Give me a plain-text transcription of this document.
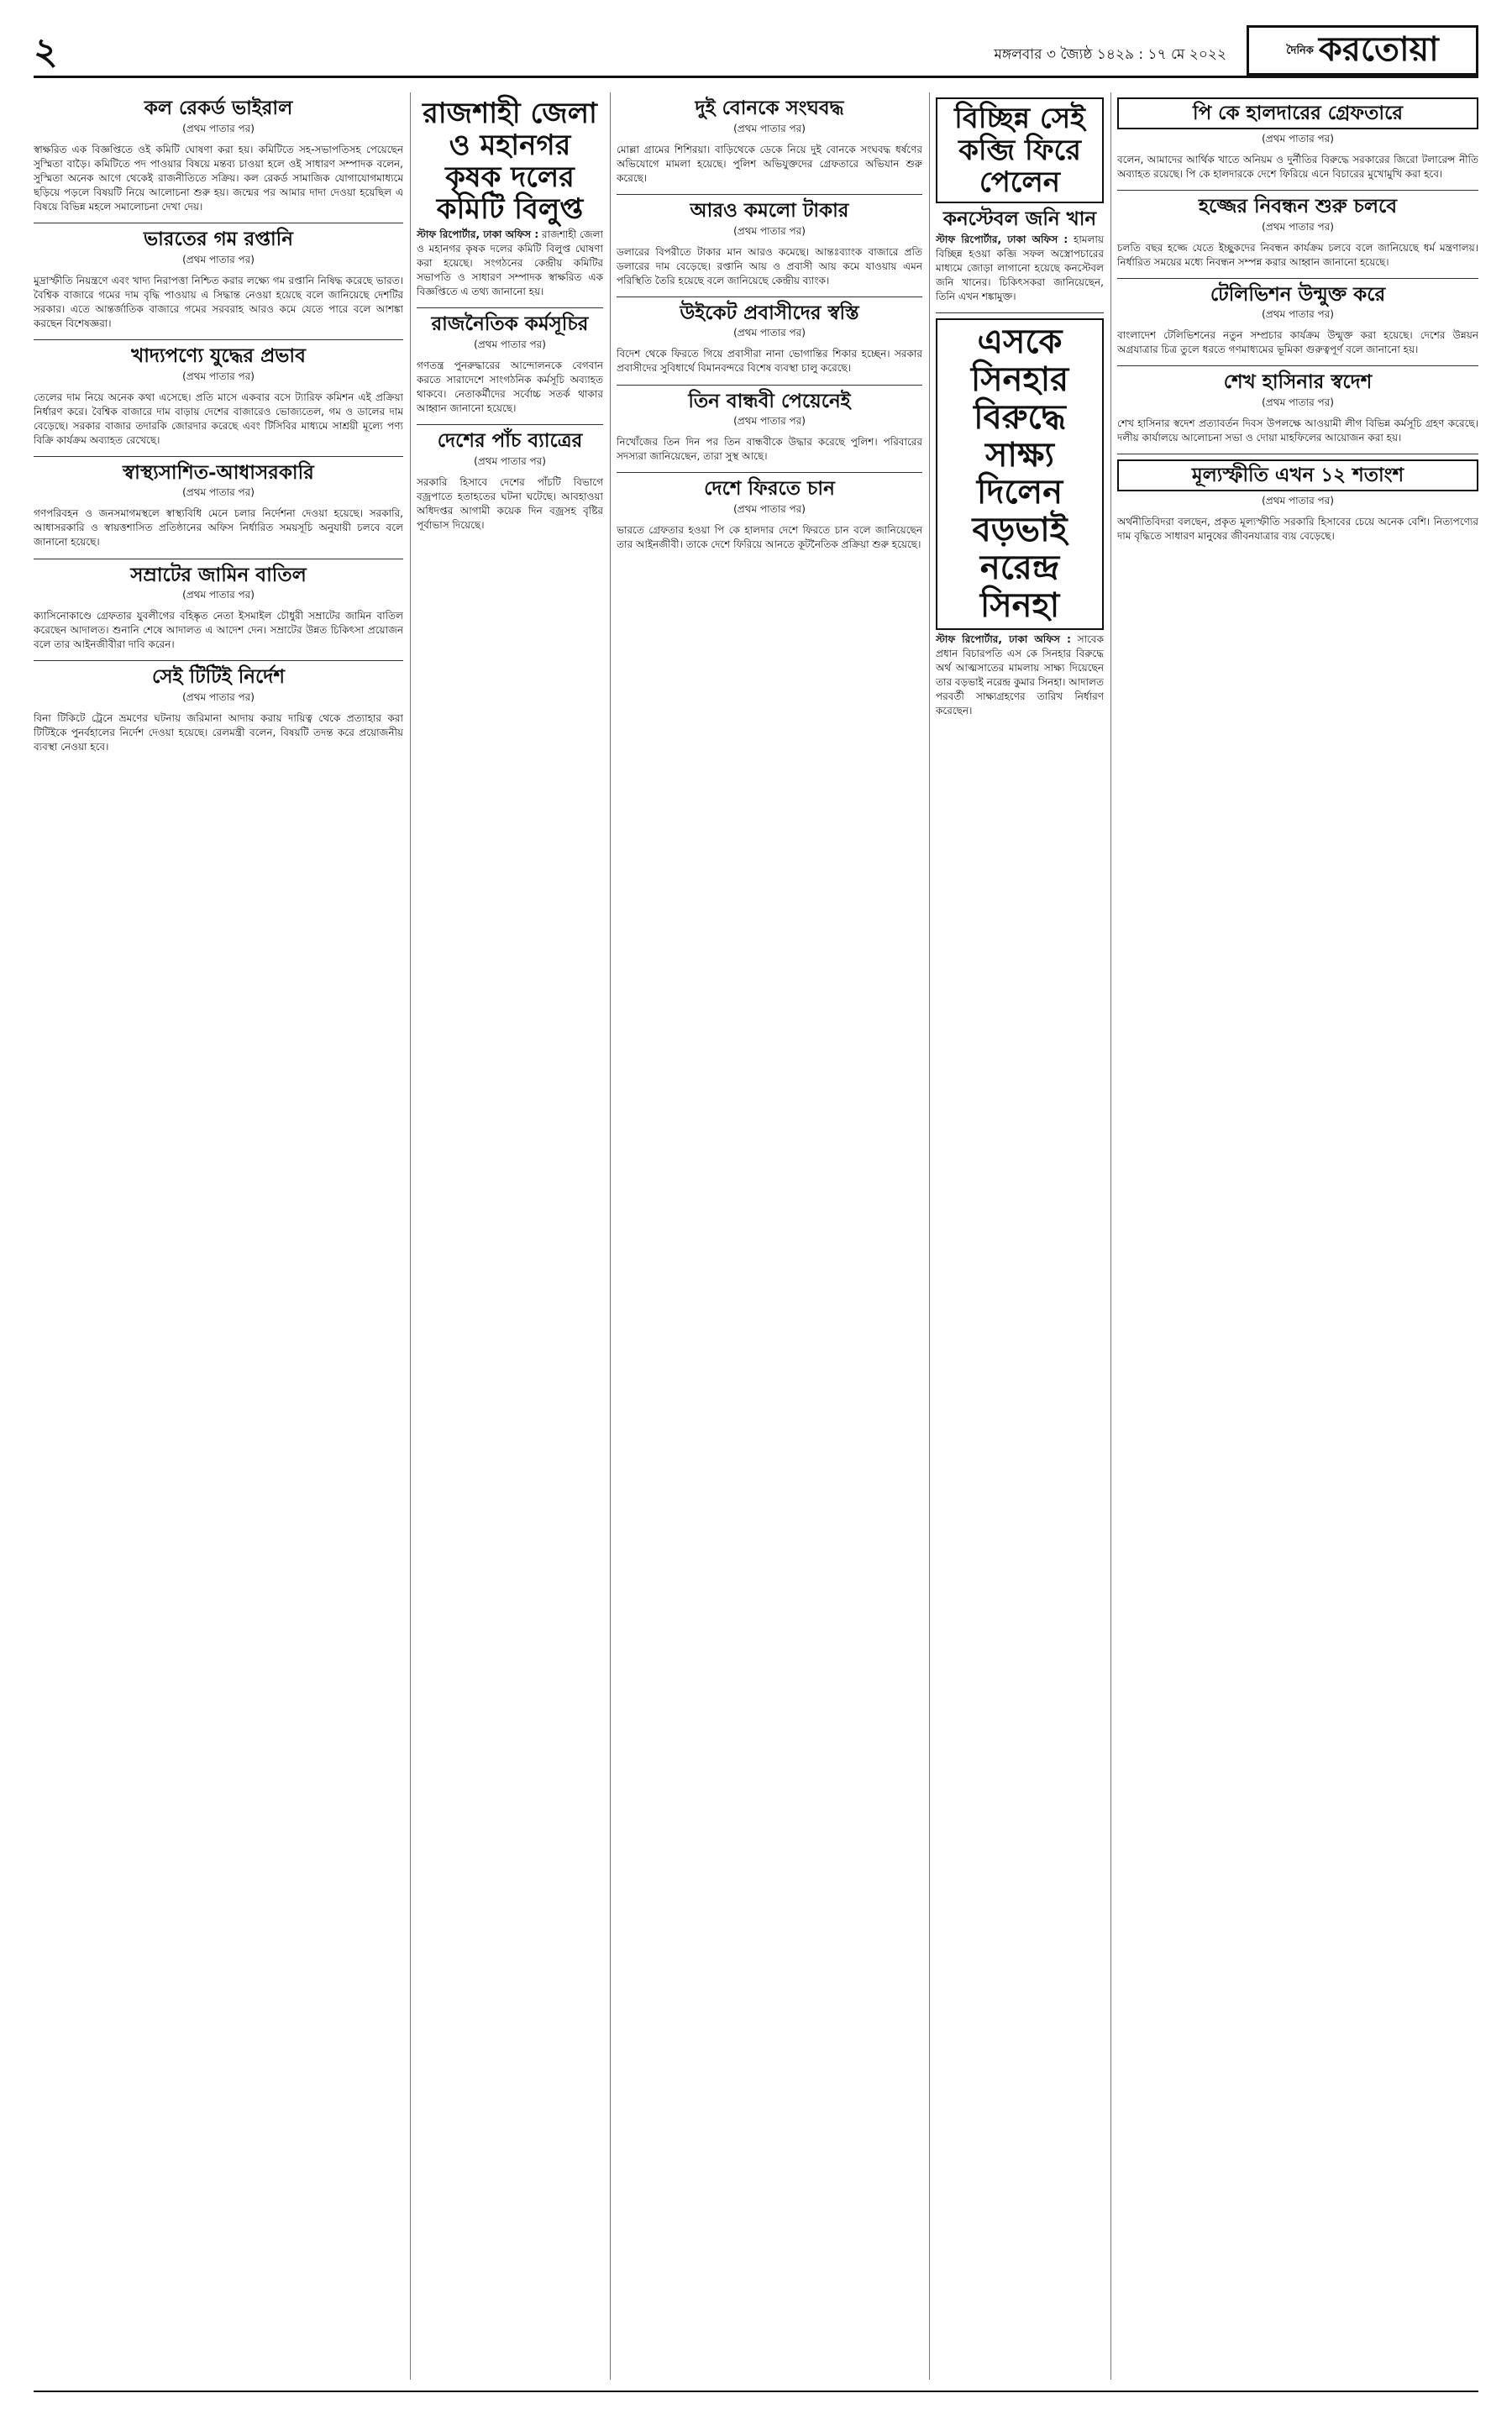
২	মঙ্গলবার ৩ জ্যৈষ্ঠ ১৪২৯ : ১৭ মে ২০২২	দৈনিক করতোয়া
কল রেকর্ড ভাইরাল
(প্রথম পাতার পর)

স্বাক্ষরিত এক বিজ্ঞপ্তিতে ওই কমিটি ঘোষণা করা হয়। কমিটিতে সহ-সভাপতিসহ পেয়েছেন সুস্মিতা বাড়ৈ। কমিটিতে পদ পাওয়ার বিষয়ে মন্তব্য চাওয়া হলে ওই সাধারণ সম্পাদক বলেন, সুস্মিতা অনেক আগে থেকেই রাজনীতিতে সক্রিয়। কল রেকর্ড সামাজিক যোগাযোগমাধ্যমে ছড়িয়ে পড়লে বিষয়টি নিয়ে আলোচনা শুরু হয়। জন্মের পর আমার দাদা দেওয়া হয়েছিল এ বিষয়ে বিভিন্ন মহলে সমালোচনা দেখা দেয়।

ভারতের গম রপ্তানি
(প্রথম পাতার পর)

মুদ্রাস্ফীতি নিয়ন্ত্রণে এবং খাদ্য নিরাপত্তা নিশ্চিত করার লক্ষ্যে গম রপ্তানি নিষিদ্ধ করেছে ভারত। বৈশ্বিক বাজারে গমের দাম বৃদ্ধি পাওয়ায় এ সিদ্ধান্ত নেওয়া হয়েছে বলে জানিয়েছে দেশটির সরকার। এতে আন্তর্জাতিক বাজারে গমের সরবরাহ আরও কমে যেতে পারে বলে আশঙ্কা করছেন বিশেষজ্ঞরা।

খাদ্যপণ্যে যুদ্ধের প্রভাব
(প্রথম পাতার পর)

তেলের দাম নিয়ে অনেক কথা এসেছে। প্রতি মাসে একবার বসে ট্যারিফ কমিশন এই প্রক্রিয়া নির্ধারণ করে। বৈশ্বিক বাজারে দাম বাড়ায় দেশের বাজারেও ভোজ্যতেল, গম ও ডালের দাম বেড়েছে। সরকার বাজার তদারকি জোরদার করেছে এবং টিসিবির মাধ্যমে সাশ্রয়ী মূল্যে পণ্য বিক্রি কার্যক্রম অব্যাহত রেখেছে।

স্বাস্থ্যসাশিত-আধাসরকারি
(প্রথম পাতার পর)

গণপরিবহন ও জনসমাগমস্থলে স্বাস্থ্যবিধি মেনে চলার নির্দেশনা দেওয়া হয়েছে। সরকারি, আধাসরকারি ও স্বায়ত্তশাসিত প্রতিষ্ঠানের অফিস নির্ধারিত সময়সূচি অনুযায়ী চলবে বলে জানানো হয়েছে।

সম্রাটের জামিন বাতিল
(প্রথম পাতার পর)

ক্যাসিনোকাণ্ডে গ্রেফতার যুবলীগের বহিষ্কৃত নেতা ইসমাইল চৌধুরী সম্রাটের জামিন বাতিল করেছেন আদালত। শুনানি শেষে আদালত এ আদেশ দেন। সম্রাটের উন্নত চিকিৎসা প্রয়োজন বলে তার আইনজীবীরা দাবি করেন।

সেই টিটিই নির্দেশ
(প্রথম পাতার পর)

বিনা টিকিটে ট্রেনে ভ্রমণের ঘটনায় জরিমানা আদায় করায় দায়িত্ব থেকে প্রত্যাহার করা টিটিইকে পুনর্বহালের নির্দেশ দেওয়া হয়েছে। রেলমন্ত্রী বলেন, বিষয়টি তদন্ত করে প্রয়োজনীয় ব্যবস্থা নেওয়া হবে।

রাজশাহী জেলা ও মহানগর কৃষক দলের কমিটি বিলুপ্ত

স্টাফ রিপোর্টার, ঢাকা অফিস : রাজশাহী জেলা ও মহানগর কৃষক দলের কমিটি বিলুপ্ত ঘোষণা করা হয়েছে। সংগঠনের কেন্দ্রীয় কমিটির সভাপতি ও সাধারণ সম্পাদক স্বাক্ষরিত এক বিজ্ঞপ্তিতে এ তথ্য জানানো হয়।

রাজনৈতিক কর্মসূচির
(প্রথম পাতার পর)

গণতন্ত্র পুনরুদ্ধারের আন্দোলনকে বেগবান করতে সারাদেশে সাংগঠনিক কর্মসূচি অব্যাহত থাকবে। নেতাকর্মীদের সর্বোচ্চ সতর্ক থাকার আহ্বান জানানো হয়েছে।

দেশের পাঁচ ব্যাত্রের
(প্রথম পাতার পর)

সরকারি হিসাবে দেশের পাঁচটি বিভাগে বজ্রপাতে হতাহতের ঘটনা ঘটেছে। আবহাওয়া অধিদপ্তর আগামী কয়েক দিন বজ্রসহ বৃষ্টির পূর্বাভাস দিয়েছে।

দুই বোনকে সংঘবদ্ধ
(প্রথম পাতার পর)

মোল্লা গ্রামের শিশিরয়া। বাড়িথেকে ডেকে নিয়ে দুই বোনকে সংঘবদ্ধ ধর্ষণের অভিযোগে মামলা হয়েছে। পুলিশ অভিযুক্তদের গ্রেফতারে অভিযান শুরু করেছে।

আরও কমলো টাকার
(প্রথম পাতার পর)

ডলারের বিপরীতে টাকার মান আরও কমেছে। আন্তঃব্যাংক বাজারে প্রতি ডলারের দাম বেড়েছে। রপ্তানি আয় ও প্রবাসী আয় কমে যাওয়ায় এমন পরিস্থিতি তৈরি হয়েছে বলে জানিয়েছে কেন্দ্রীয় ব্যাংক।

উইকেট প্রবাসীদের স্বস্তি
(প্রথম পাতার পর)

বিদেশ থেকে ফিরতে গিয়ে প্রবাসীরা নানা ভোগান্তির শিকার হচ্ছেন। সরকার প্রবাসীদের সুবিধার্থে বিমানবন্দরে বিশেষ ব্যবস্থা চালু করেছে।

তিন বান্ধবী পেয়েনেই
(প্রথম পাতার পর)

নিখোঁজের তিন দিন পর তিন বান্ধবীকে উদ্ধার করেছে পুলিশ। পরিবারের সদস্যরা জানিয়েছেন, তারা সুস্থ আছে।

দেশে ফিরতে চান
(প্রথম পাতার পর)

ভারতে গ্রেফতার হওয়া পি কে হালদার দেশে ফিরতে চান বলে জানিয়েছেন তার আইনজীবী। তাকে দেশে ফিরিয়ে আনতে কূটনৈতিক প্রক্রিয়া শুরু হয়েছে।

বিচ্ছিন্ন সেই কব্জি ফিরে পেলেন
কনস্টেবল জনি খান

স্টাফ রিপোর্টার, ঢাকা অফিস : হামলায় বিচ্ছিন্ন হওয়া কব্জি সফল অস্ত্রোপচারের মাধ্যমে জোড়া লাগানো হয়েছে কনস্টেবল জনি খানের। চিকিৎসকরা জানিয়েছেন, তিনি এখন শঙ্কামুক্ত।

এসকে সিনহার বিরুদ্ধে সাক্ষ্য দিলেন বড়ভাই নরেন্দ্র সিনহা

স্টাফ রিপোর্টার, ঢাকা অফিস : সাবেক প্রধান বিচারপতি এস কে সিনহার বিরুদ্ধে অর্থ আত্মসাতের মামলায় সাক্ষ্য দিয়েছেন তার বড়ভাই নরেন্দ্র কুমার সিনহা। আদালত পরবর্তী সাক্ষ্যগ্রহণের তারিখ নির্ধারণ করেছেন।

পি কে হালদারের গ্রেফতারে
(প্রথম পাতার পর)

বলেন, আমাদের আর্থিক খাতে অনিয়ম ও দুর্নীতির বিরুদ্ধে সরকারের জিরো টলারেন্স নীতি অব্যাহত রয়েছে। পি কে হালদারকে দেশে ফিরিয়ে এনে বিচারের মুখোমুখি করা হবে।

হজ্জের নিবন্ধন শুরু চলবে
(প্রথম পাতার পর)

চলতি বছর হজ্জে যেতে ইচ্ছুকদের নিবন্ধন কার্যক্রম চলবে বলে জানিয়েছে ধর্ম মন্ত্রণালয়। নির্ধারিত সময়ের মধ্যে নিবন্ধন সম্পন্ন করার আহ্বান জানানো হয়েছে।

টেলিভিশন উন্মুক্ত করে
(প্রথম পাতার পর)

বাংলাদেশ টেলিভিশনের নতুন সম্প্রচার কার্যক্রম উন্মুক্ত করা হয়েছে। দেশের উন্নয়ন অগ্রযাত্রার চিত্র তুলে ধরতে গণমাধ্যমের ভূমিকা গুরুত্বপূর্ণ বলে জানানো হয়।

শেখ হাসিনার স্বদেশ
(প্রথম পাতার পর)

শেখ হাসিনার স্বদেশ প্রত্যাবর্তন দিবস উপলক্ষে আওয়ামী লীগ বিভিন্ন কর্মসূচি গ্রহণ করেছে। দলীয় কার্যালয়ে আলোচনা সভা ও দোয়া মাহফিলের আয়োজন করা হয়।

মূল্যস্ফীতি এখন ১২ শতাংশ
(প্রথম পাতার পর)

অর্থনীতিবিদরা বলছেন, প্রকৃত মূল্যস্ফীতি সরকারি হিসাবের চেয়ে অনেক বেশি। নিত্যপণ্যের দাম বৃদ্ধিতে সাধারণ মানুষের জীবনযাত্রার ব্যয় বেড়েছে।
